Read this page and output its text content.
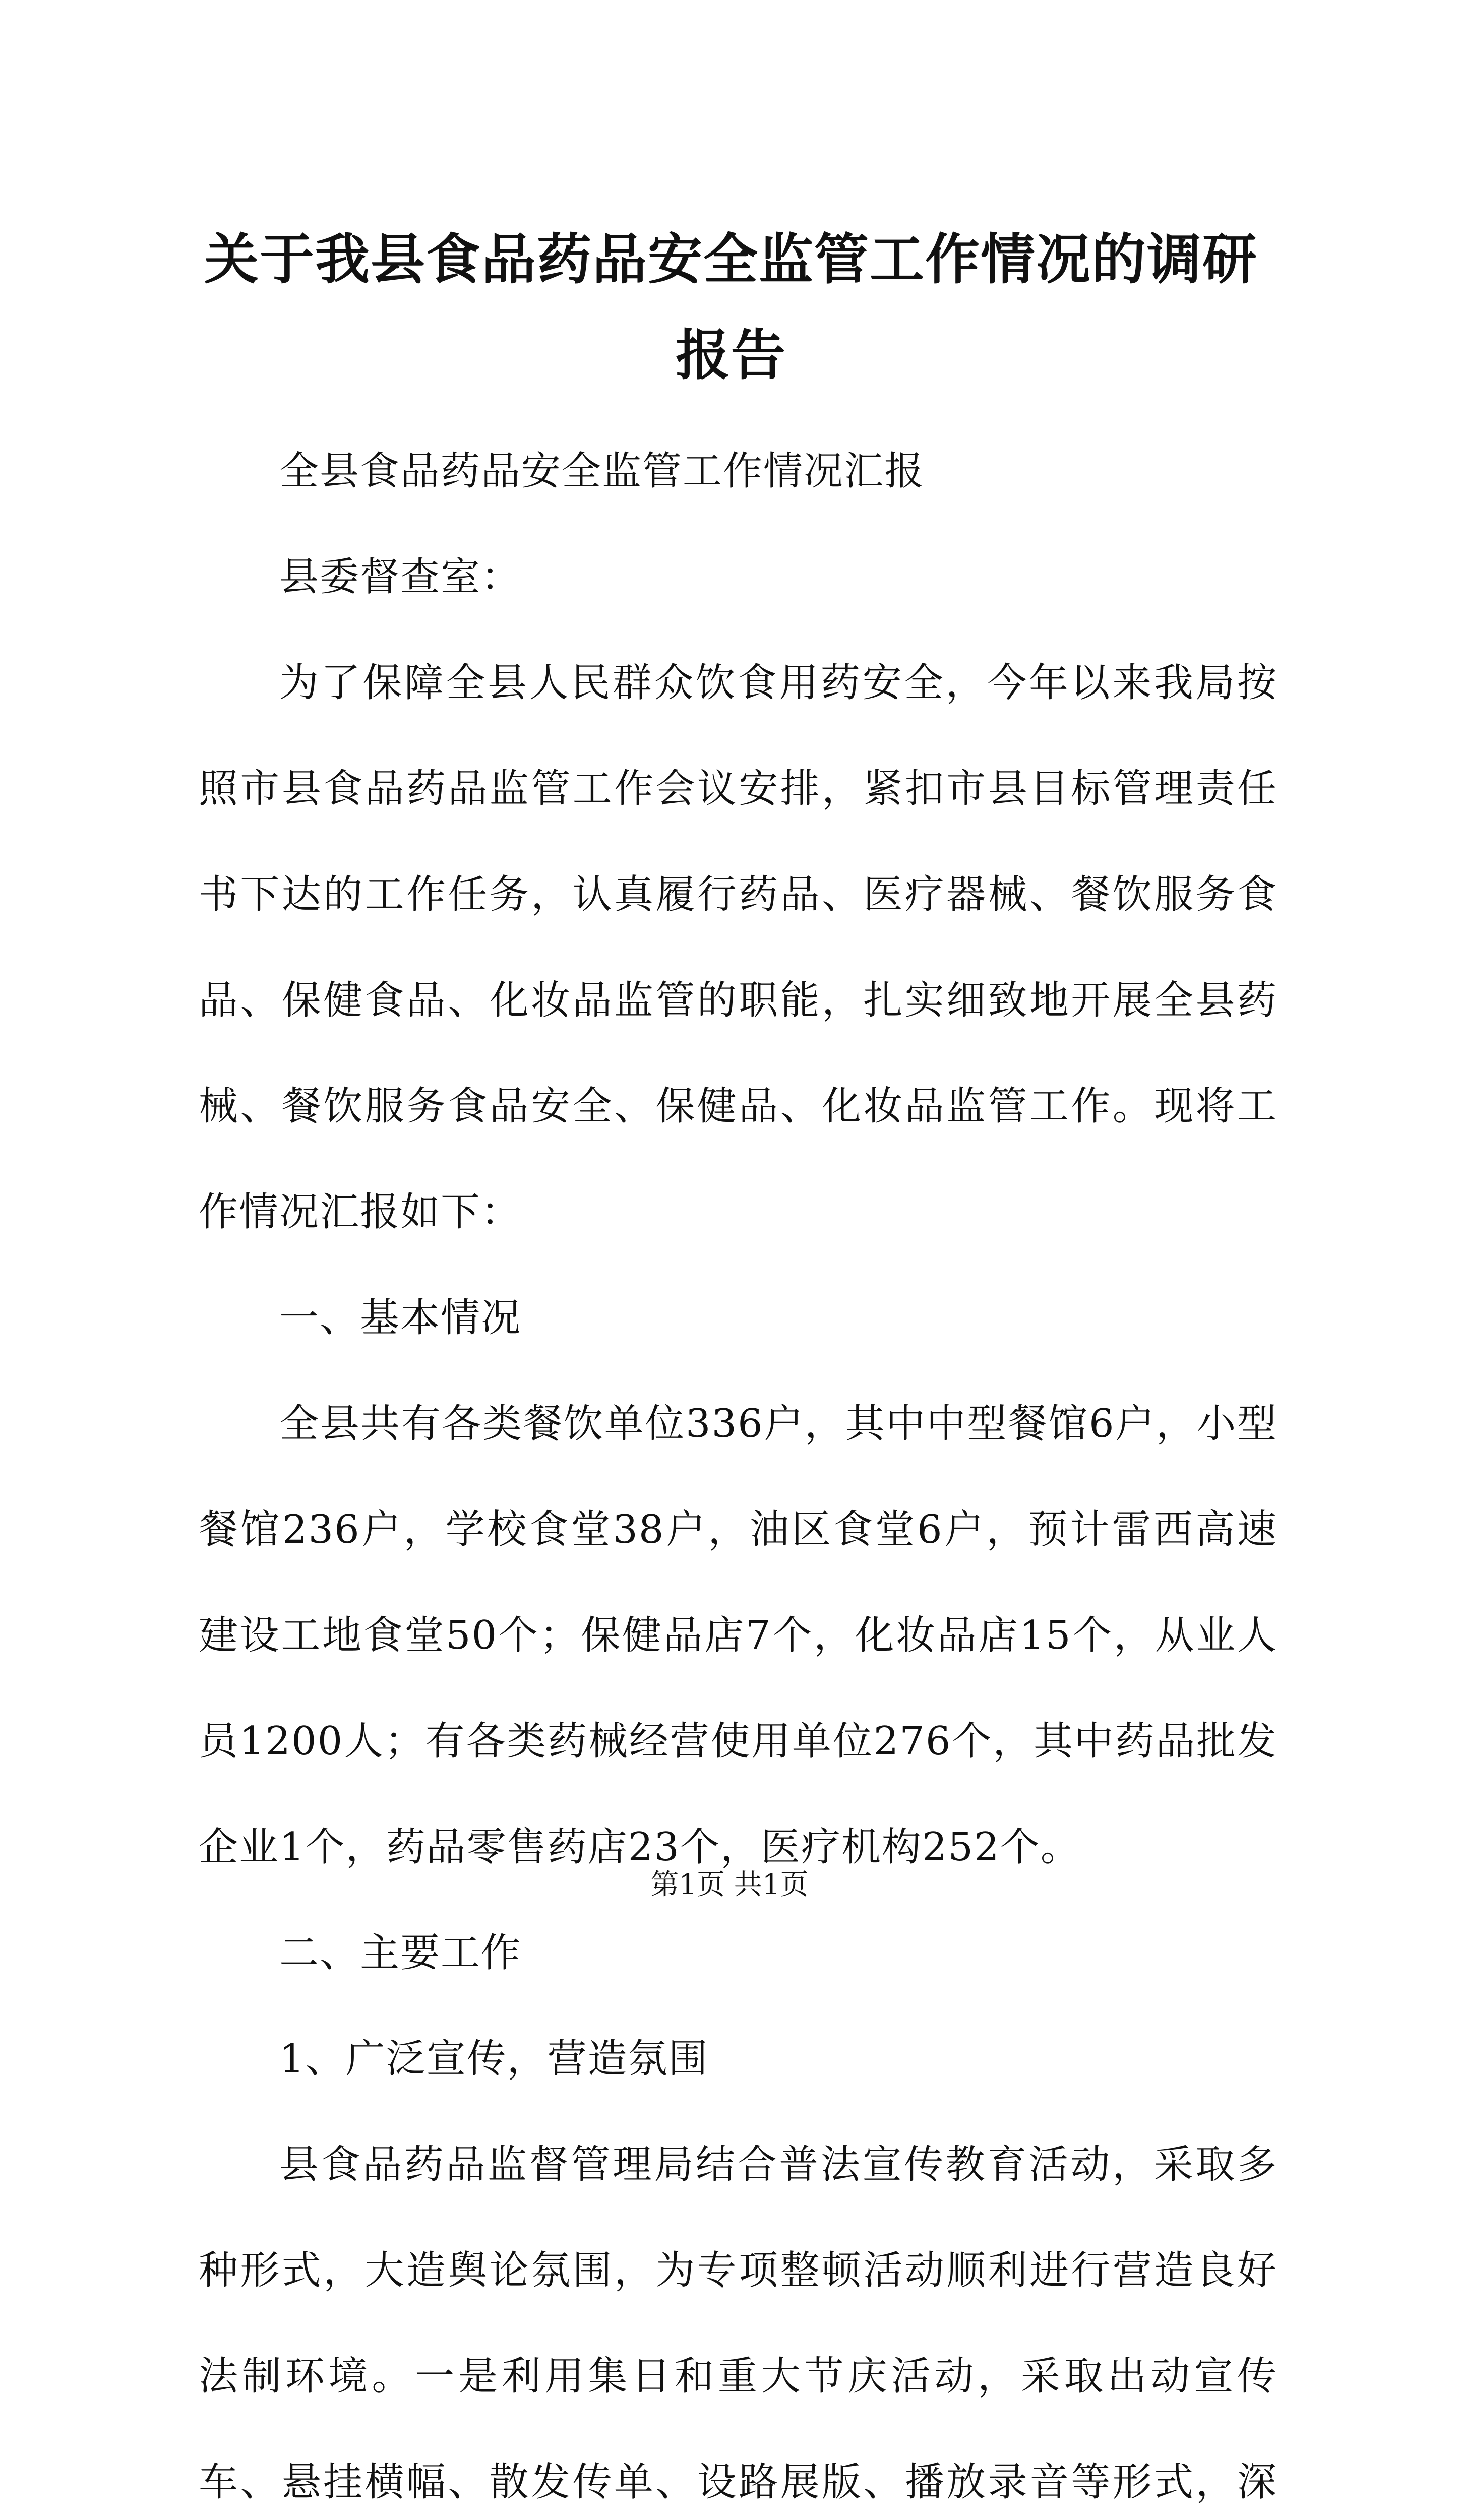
关于我县食品药品安全监管工作情况的调研报告

全县食品药品安全监管工作情况汇报

县委督查室：

为了保障全县人民群众饮食用药安全，今年以来我局按照市县食品药品监管工作会议安排，紧扣市县目标管理责任书下达的工作任务，认真履行药品、医疗器械、餐饮服务食品、保健食品、化妆品监管的职能，扎实细致地开展全县药械、餐饮服务食品安全、保健品、化妆品监管工作。现将工作情况汇报如下：

一、基本情况

全县共有各类餐饮单位336户，其中中型餐馆6户，小型餐馆236户，学校食堂38户，油区食堂6户，预计雷西高速建设工地食堂50个；保健品店7个，化妆品店15个，从业人员1200人；有各类药械经营使用单位276个，其中药品批发企业1个，药品零售药店23个，医疗机构252个。

二、主要工作

1、广泛宣传，营造氛围

县食品药品监督管理局结合普法宣传教育活动，采取多种形式，大造舆论氛围，为专项整顿活动顺利进行营造良好法制环境。一是利用集日和重大节庆活动，采取出动宣传车、悬挂横幅、散发传单、设路展版、播放录音等形式，深

第1页 共1页
